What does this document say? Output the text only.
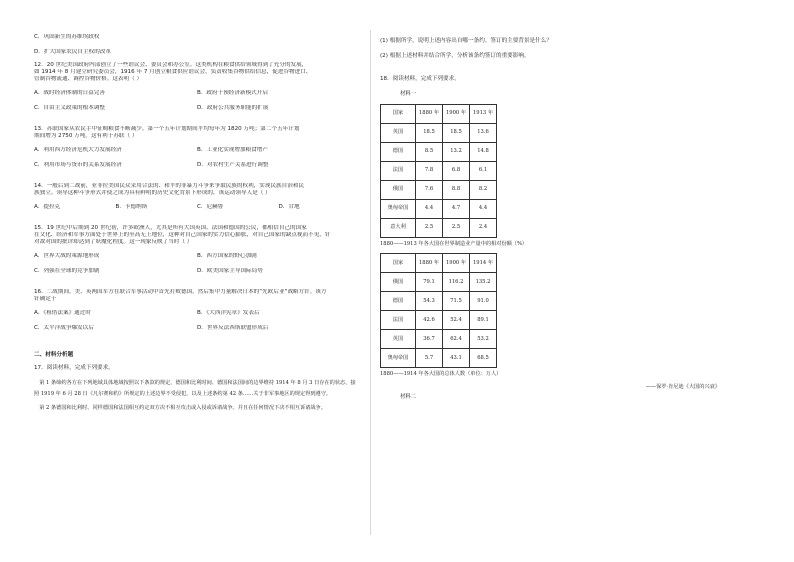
C．巩固新生的苏维埃政权
D．扩大国家农民自主权的改革
12．20 世纪美国政府内部创立了一些谘议会、委员会和办公室。这类机构在粮食供给领域得到了充分的发展，
如 1914 年 8 月建立研究委员会，1916 年 7 月创立粮食供应谘议会，负责收集谷物供给信息，促进谷物进口、
管制谷物流通、调控谷物价格。这表明（ ）
A．战时经济体制的日益完善	B．政府干预经济新模式开启
C．自由主义政策的根本调整	D．政府公共服务职能的扩展
13．苏联国家从农民手中征购粮食不断减少。第一个五年计划期间平均每年为 1820 万吨；第二个五年计划
期间增为 2750 万吨。这有利于苏联（ ）
A．利用西方经济危机大力发展经济	B．工业化实现增加粮食增产
C．利用市场与货币的关系发展经济	D．对农村生产关系进行调整
14．一般后到二战前，亚非拉美国民众采用合法的、和平的非暴力斗争来争取民族的权利，实现民族自治和民
族独立。领导这种斗争形式并使之成为具有鲜明的历史文化背景下形成的，该运动领导人是（ ）
A．提拉克	B．卡德纳斯	C．尼赫鲁	D．甘地
15．19 世纪中后期到 20 世纪初，许多欧洲人，尤其是所有大国英国、法国和德国的公民，都相信自己的国家
在文化、经济和军事方面处于世界上的至高无上地位，这种对自己国家的实力信心膨胀，对自己国家的缺点视而不见，针
对敌对国的批评却达到了妖魔化程度。这一现象反映了当时（ ）
A．世界大战的策源地形成	B．西方国家的野心加剧
C．列强在全球的竞争加剧	D．欧美国家主导国际局势
16．二战期间，美、英两国军方在联合军事活动中首先打败德国，然后集中力量解决日本的“先欧后亚”战略方针。该方
针确定于
A．《租借法案》通过时	B．《大西洋宪章》发表后
C．太平洋战争爆发以后	D．世界反法西斯联盟形成后
二、材料分析题
17．阅读材料，完成下列要求。

第 1 条缔约各方在下列地域具体地域按照以下条款的规定，德国和比利时间、德国和法国间的边界维持 1914 年 8 月 3 日存在的状态，接照 1919 年 6 月 28 日《凡尔赛和约》所规定的上述边界不受侵犯，以及上述条约第 42 条……关于非军事地区的规定得到遵守。

第 2 条德国和比利时、同样德国和法国相互约定双方决不相互攻击或入侵或诉诸战争。并且在任何情况下决不相互诉诸战争。

(1) 根据所学，说明上述内容出自哪一条约。签订的主要背景是什么？
(2) 根据上述材料并结合所学，分析该条约签订的重要影响。
18．阅读材料，完成下列要求。
材料一
国家	1880 年	1900 年	1913 年
英国	18.5	18.5	13.6
德国	8.5	13.2	14.8
法国	7.8	6.8	6.1
俄国	7.6	8.8	8.2
奥匈帝国	4.4	4.7	4.4
意大利	2.5	2.5	2.4
1880——1913 年各大国在世界制造业产量中的相对份额（%）
国家	1880 年	1900 年	1914 年
俄国	79.1	116.2	135.2
德国	54.3	71.5	91.0
法国	42.6	52.4	89.1
英国	36.7	62.4	53.2
奥匈帝国	5.7	43.1	68.5
1880——1914 年各大国的总体人数（单位：万人）
——保罗·肯尼迪《大国的兴衰》
材料二
